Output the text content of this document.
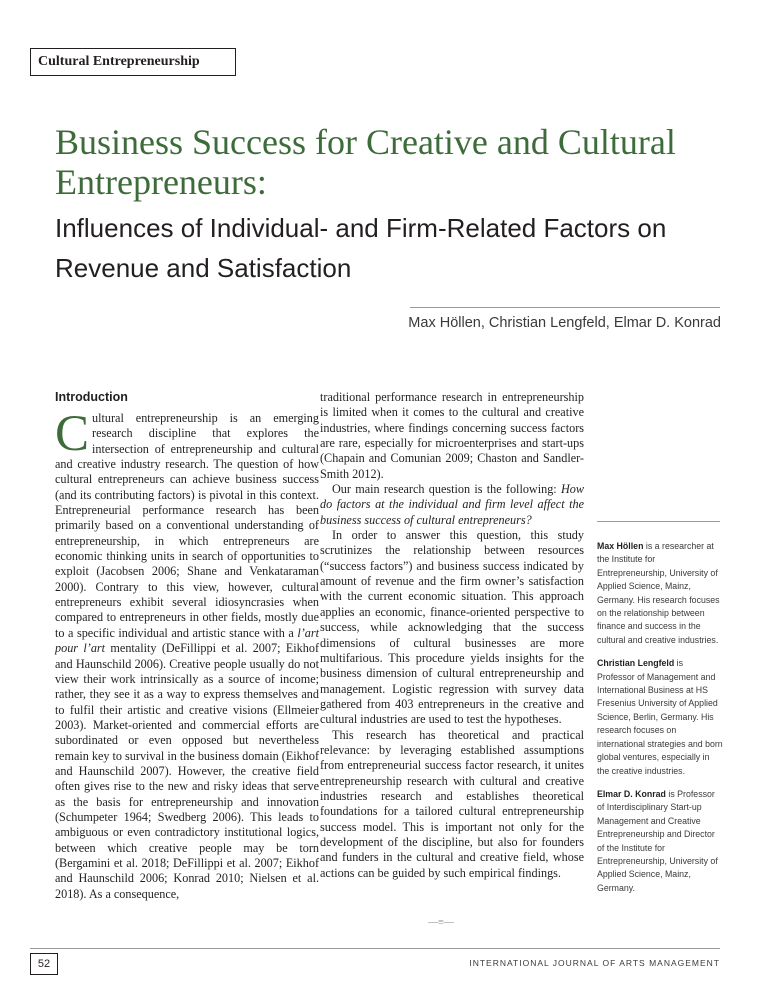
Cultural Entrepreneurship
Business Success for Creative and Cultural Entrepreneurs:
Influences of Individual- and Firm-Related Factors on Revenue and Satisfaction
Max Höllen, Christian Lengfeld, Elmar D. Konrad
Introduction

Cultural entrepreneurship is an emerging research discipline that explores the intersection of entrepreneurship and cultural and creative industry research. The question of how cultural entrepreneurs can achieve business success (and its contributing factors) is pivotal in this context. Entrepreneurial performance research has been primarily based on a conventional understanding of entrepreneurship, in which entrepreneurs are economic thinking units in search of opportunities to exploit (Jacobsen 2006; Shane and Venkataraman 2000). Contrary to this view, however, cultural entrepreneurs exhibit several idiosyncrasies when compared to entrepreneurs in other fields, mostly due to a specific individual and artistic stance with a l’art pour l’art mentality (DeFillippi et al. 2007; Eikhof and Haunschild 2006). Creative people usually do not view their work intrinsically as a source of income; rather, they see it as a way to express themselves and to fulfil their artistic and creative visions (Ellmeier 2003). Market-oriented and commercial efforts are subordinated or even opposed but nevertheless remain key to survival in the business domain (Eikhof and Haunschild 2007). However, the creative field often gives rise to the new and risky ideas that serve as the basis for entrepreneurship and innovation (Schumpeter 1964; Swedberg 2006). This leads to ambiguous or even contradictory institutional logics, between which creative people may be torn (Bergamini et al. 2018; DeFillippi et al. 2007; Eikhof and Haunschild 2006; Konrad 2010; Nielsen et al. 2018). As a consequence,

traditional performance research in entrepreneurship is limited when it comes to the cultural and creative industries, where findings concerning success factors are rare, especially for microenterprises and start-ups (Chapain and Comunian 2009; Chaston and Sandler-Smith 2012).

Our main research question is the following: How do factors at the individual and firm level affect the business success of cultural entrepreneurs?

In order to answer this question, this study scrutinizes the relationship between resources (“success factors”) and business success indicated by amount of revenue and the firm owner’s satisfaction with the current economic situation. This approach applies an economic, finance-oriented perspective to success, while acknowledging that the success dimensions of cultural businesses are more multifarious. This procedure yields insights for the business dimension of cultural entrepreneurship and management. Logistic regression with survey data gathered from 403 entrepreneurs in the creative and cultural industries are used to test the hypotheses.

This research has theoretical and practical relevance: by leveraging established assumptions from entrepreneurial success factor research, it unites entrepreneurship research with cultural and creative industries research and establishes theoretical foundations for a tailored cultural entrepreneurship success model. This is important not only for the development of the discipline, but also for founders and funders in the cultural and creative field, whose actions can be guided by such empirical findings.

—≡—

Max Höllen is a researcher at the Institute for Entrepreneurship, University of Applied Science, Mainz, Germany. His research focuses on the relationship between finance and success in the cultural and creative industries.

Christian Lengfeld is Professor of Management and International Business at HS Fresenius University of Applied Science, Berlin, Germany. His research focuses on international strategies and born global ventures, especially in the creative industries.

Elmar D. Konrad is Professor of Interdisciplinary Start-up Management and Creative Entrepreneurship and Director of the Institute for Entrepreneurship, University of Applied Science, Mainz, Germany.

52	INTERNATIONAL JOURNAL OF ARTS MANAGEMENT
